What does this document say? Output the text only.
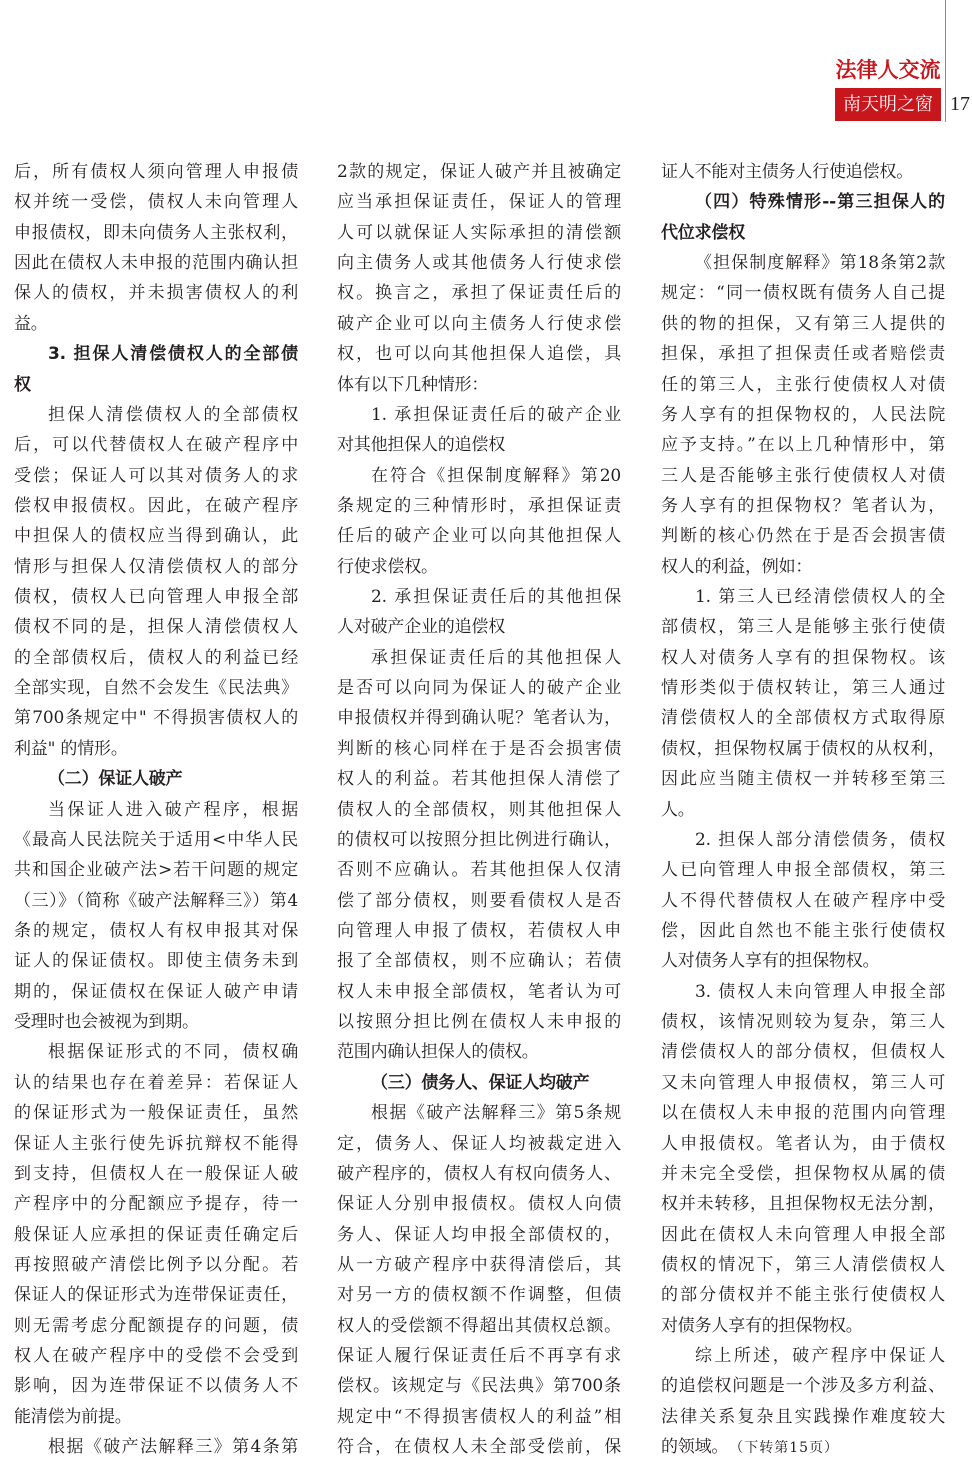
法律人交流
南天明之窗 17
后，所有债权人须向管理人申报债
权并统一受偿，债权人未向管理人
申报债权，即未向债务人主张权利，
因此在债权人未申报的范围内确认担
保人的债权，并未损害债权人的利
益。
3. 担保人清偿债权人的全部债
权
担保人清偿债权人的全部债权
后，可以代替债权人在破产程序中
受偿；保证人可以其对债务人的求
偿权申报债权。因此，在破产程序
中担保人的债权应当得到确认，此
情形与担保人仅清偿债权人的部分
债权，债权人已向管理人申报全部
债权不同的是，担保人清偿债权人
的全部债权后，债权人的利益已经
全部实现，自然不会发生《民法典》
第700条规定中" 不得损害债权人的
利益" 的情形。
（二）保证人破产
当保证人进入破产程序，根据
《最高人民法院关于适用<中华人民
共和国企业破产法>若干问题的规定
（三）》（简称《破产法解释三》）第4
条的规定，债权人有权申报其对保
证人的保证债权。即使主债务未到
期的，保证债权在保证人破产申请
受理时也会被视为到期。
根据保证形式的不同，债权确
认的结果也存在着差异：若保证人
的保证形式为一般保证责任，虽然
保证人主张行使先诉抗辩权不能得
到支持，但债权人在一般保证人破
产程序中的分配额应予提存，待一
般保证人应承担的保证责任确定后
再按照破产清偿比例予以分配。若
保证人的保证形式为连带保证责任，
则无需考虑分配额提存的问题，债
权人在破产程序中的受偿不会受到
影响，因为连带保证不以债务人不
能清偿为前提。
根据《破产法解释三》第4条第
2款的规定，保证人破产并且被确定
应当承担保证责任，保证人的管理
人可以就保证人实际承担的清偿额
向主债务人或其他债务人行使求偿
权。换言之，承担了保证责任后的
破产企业可以向主债务人行使求偿
权，也可以向其他担保人追偿，具
体有以下几种情形：
1. 承担保证责任后的破产企业
对其他担保人的追偿权
在符合《担保制度解释》第20
条规定的三种情形时，承担保证责
任后的破产企业可以向其他担保人
行使求偿权。
2. 承担保证责任后的其他担保
人对破产企业的追偿权
承担保证责任后的其他担保人
是否可以向同为保证人的破产企业
申报债权并得到确认呢？笔者认为，
判断的核心同样在于是否会损害债
权人的利益。若其他担保人清偿了
债权人的全部债权，则其他担保人
的债权可以按照分担比例进行确认，
否则不应确认。若其他担保人仅清
偿了部分债权，则要看债权人是否
向管理人申报了债权，若债权人申
报了全部债权，则不应确认；若债
权人未申报全部债权，笔者认为可
以按照分担比例在债权人未申报的
范围内确认担保人的债权。
（三）债务人、保证人均破产
根据《破产法解释三》第5条规
定，债务人、保证人均被裁定进入
破产程序的，债权人有权向债务人、
保证人分别申报债权。债权人向债
务人、保证人均申报全部债权的，
从一方破产程序中获得清偿后，其
对另一方的债权额不作调整，但债
权人的受偿额不得超出其债权总额。
保证人履行保证责任后不再享有求
偿权。该规定与《民法典》第700条
规定中“不得损害债权人的利益”相
符合，在债权人未全部受偿前，保
证人不能对主债务人行使追偿权。
（四）特殊情形--第三担保人的
代位求偿权
《担保制度解释》第18条第2款
规定：“同一债权既有债务人自己提
供的物的担保，又有第三人提供的
担保，承担了担保责任或者赔偿责
任的第三人，主张行使债权人对债
务人享有的担保物权的，人民法院
应予支持。”在以上几种情形中，第
三人是否能够主张行使债权人对债
务人享有的担保物权？笔者认为，
判断的核心仍然在于是否会损害债
权人的利益，例如：
1. 第三人已经清偿债权人的全
部债权，第三人是能够主张行使债
权人对债务人享有的担保物权。该
情形类似于债权转让，第三人通过
清偿债权人的全部债权方式取得原
债权，担保物权属于债权的从权利，
因此应当随主债权一并转移至第三
人。
2. 担保人部分清偿债务，债权
人已向管理人申报全部债权，第三
人不得代替债权人在破产程序中受
偿，因此自然也不能主张行使债权
人对债务人享有的担保物权。
3. 债权人未向管理人申报全部
债权，该情况则较为复杂，第三人
清偿债权人的部分债权，但债权人
又未向管理人申报债权，第三人可
以在债权人未申报的范围内向管理
人申报债权。笔者认为，由于债权
并未完全受偿，担保物权从属的债
权并未转移，且担保物权无法分割，
因此在债权人未向管理人申报全部
债权的情况下，第三人清偿债权人
的部分债权并不能主张行使债权人
对债务人享有的担保物权。
综上所述，破产程序中保证人
的追偿权问题是一个涉及多方利益、
法律关系复杂且实践操作难度较大
的领域。 （下转第15页）
